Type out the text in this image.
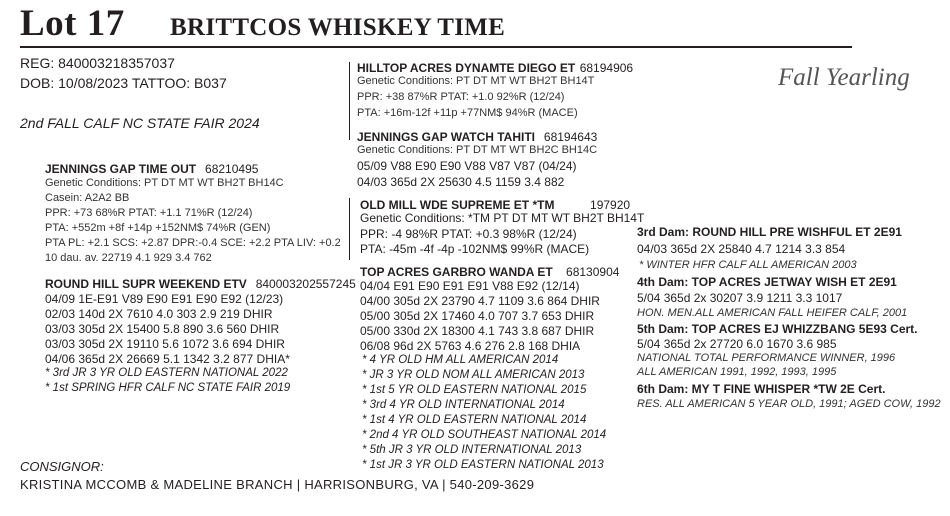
Lot 17 BRITTCOS WHISKEY TIME
REG: 840003218357037
DOB: 10/08/2023 TATTOO: B037	Fall Yearling
2nd FALL CALF NC STATE FAIR 2024
JENNINGS GAP TIME OUT 68210495
Genetic Conditions: PT DT MT WT BH2T BH14C
Casein: A2A2 BB
PPR: +73 68%R PTAT: +1.1 71%R (12/24)
PTA: +552m +8f +14p +152NM$ 74%R (GEN)
PTA PL: +2.1 SCS: +2.87 DPR:-0.4 SCE: +2.2 PTA LIV: +0.2
10 dau. av. 22719 4.1 929 3.4 762
ROUND HILL SUPR WEEKEND ETV 840003202557245
04/09 1E-E91 V89 E90 E91 E90 E92 (12/23)
02/03 140d 2X 7610 4.0 303 2.9 219 DHIR
03/03 305d 2X 15400 5.8 890 3.6 560 DHIR
03/03 305d 2X 19110 5.6 1072 3.6 694 DHIR
04/06 365d 2X 26669 5.1 1342 3.2 877 DHIA*
* 3rd JR 3 YR OLD EASTERN NATIONAL 2022
* 1st SPRING HFR CALF NC STATE FAIR 2019
HILLTOP ACRES DYNAMTE DIEGO ET 68194906
Genetic Conditions: PT DT MT WT BH2T BH14T
PPR: +38 87%R PTAT: +1.0 92%R (12/24)
PTA: +16m-12f +11p +77NM$ 94%R (MACE)
JENNINGS GAP WATCH TAHITI 68194643
Genetic Conditions: PT DT MT WT BH2C BH14C
05/09 V88 E90 E90 V88 V87 V87 (04/24)
04/03 365d 2X 25630 4.5 1159 3.4 882
OLD MILL WDE SUPREME ET *TM	197920
Genetic Conditions: *TM PT DT MT WT BH2T BH14T
PPR: -4 98%R PTAT: +0.3 98%R (12/24)
PTA: -45m -4f -4p -102NM$ 99%R (MACE)
TOP ACRES GARBRO WANDA ET 68130904
04/04 E91 E90 E91 E91 V88 E92 (12/14)
04/00 305d 2X 23790 4.7 1109 3.6 864 DHIR
05/00 305d 2X 17460 4.0 707 3.7 653 DHIR
05/00 330d 2X 18300 4.1 743 3.8 687 DHIR
06/08 96d 2X 5763 4.6 276 2.8 168 DHIA
* 4 YR OLD HM ALL AMERICAN 2014
* JR 3 YR OLD NOM ALL AMERICAN 2013
* 1st 5 YR OLD EASTERN NATIONAL 2015
* 3rd 4 YR OLD INTERNATIONAL 2014
* 1st 4 YR OLD EASTERN NATIONAL 2014
* 2nd 4 YR OLD SOUTHEAST NATIONAL 2014
* 5th JR 3 YR OLD INTERNATIONAL 2013
* 1st JR 3 YR OLD EASTERN NATIONAL 2013
3rd Dam: ROUND HILL PRE WISHFUL ET 2E91
04/03 365d 2X 25840 4.7 1214 3.3 854
* WINTER HFR CALF ALL AMERICAN 2003
4th Dam: TOP ACRES JETWAY WISH ET 2E91
5/04 365d 2x 30207 3.9 1211 3.3 1017
HON. MEN.ALL AMERICAN FALL HEIFER CALF, 2001
5th Dam: TOP ACRES EJ WHIZZBANG 5E93 Cert.
5/04 365d 2x 27720 6.0 1670 3.6 985
NATIONAL TOTAL PERFORMANCE WINNER, 1996
ALL AMERICAN 1991, 1992, 1993, 1995
6th Dam: MY T FINE WHISPER *TW 2E Cert.
RES. ALL AMERICAN 5 YEAR OLD, 1991; AGED COW, 1992
CONSIGNOR:
KRISTINA MCCOMB & MADELINE BRANCH | HARRISONBURG, VA | 540-209-3629
